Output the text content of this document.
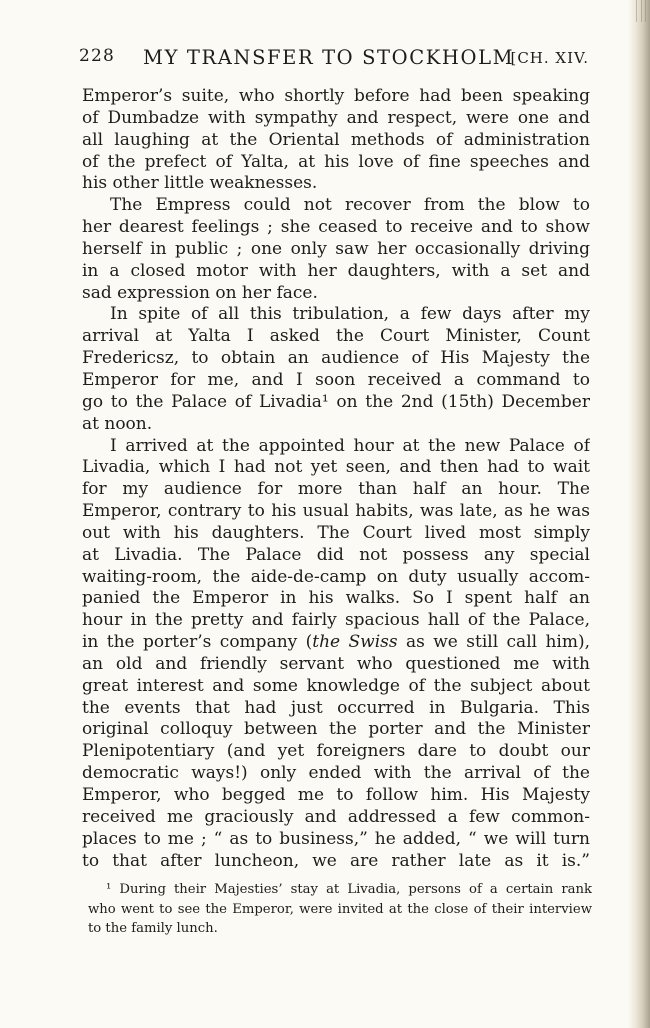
228 MY TRANSFER TO STOCKHOLM
[CH. XIV.
Emperor’s suite, who shortly before had been speaking
of Dumbadze with sympathy and respect, were one and
all laughing at the Oriental methods of administration
of the prefect of Yalta, at his love of fine speeches and
his other little weaknesses.
The Empress could not recover from the blow to
her dearest feelings ; she ceased to receive and to show
herself in public ; one only saw her occasionally driving
in a closed motor with her daughters, with a set and
sad expression on her face.
In spite of all this tribulation, a few days after my
arrival at Yalta I asked the Court Minister, Count
Fredericsz, to obtain an audience of His Majesty the
Emperor for me, and I soon received a command to
go to the Palace of Livadia¹ on the 2nd (15th) December
at noon.
I arrived at the appointed hour at the new Palace of
Livadia, which I had not yet seen, and then had to wait
for my audience for more than half an hour. The
Emperor, contrary to his usual habits, was late, as he was
out with his daughters. The Court lived most simply
at Livadia. The Palace did not possess any special
waiting-room, the aide-de-camp on duty usually accom-
panied the Emperor in his walks. So I spent half an
hour in the pretty and fairly spacious hall of the Palace,
in the porter’s company (the Swiss as we still call him),
an old and friendly servant who questioned me with
great interest and some knowledge of the subject about
the events that had just occurred in Bulgaria. This
original colloquy between the porter and the Minister
Plenipotentiary (and yet foreigners dare to doubt our
democratic ways!) only ended with the arrival of the
Emperor, who begged me to follow him. His Majesty
received me graciously and addressed a few common-
places to me ; “ as to business,” he added, “ we will turn
to that after luncheon, we are rather late as it is.”
¹ During their Majesties’ stay at Livadia, persons of a certain rank
who went to see the Emperor, were invited at the close of their interview
to the family lunch.
